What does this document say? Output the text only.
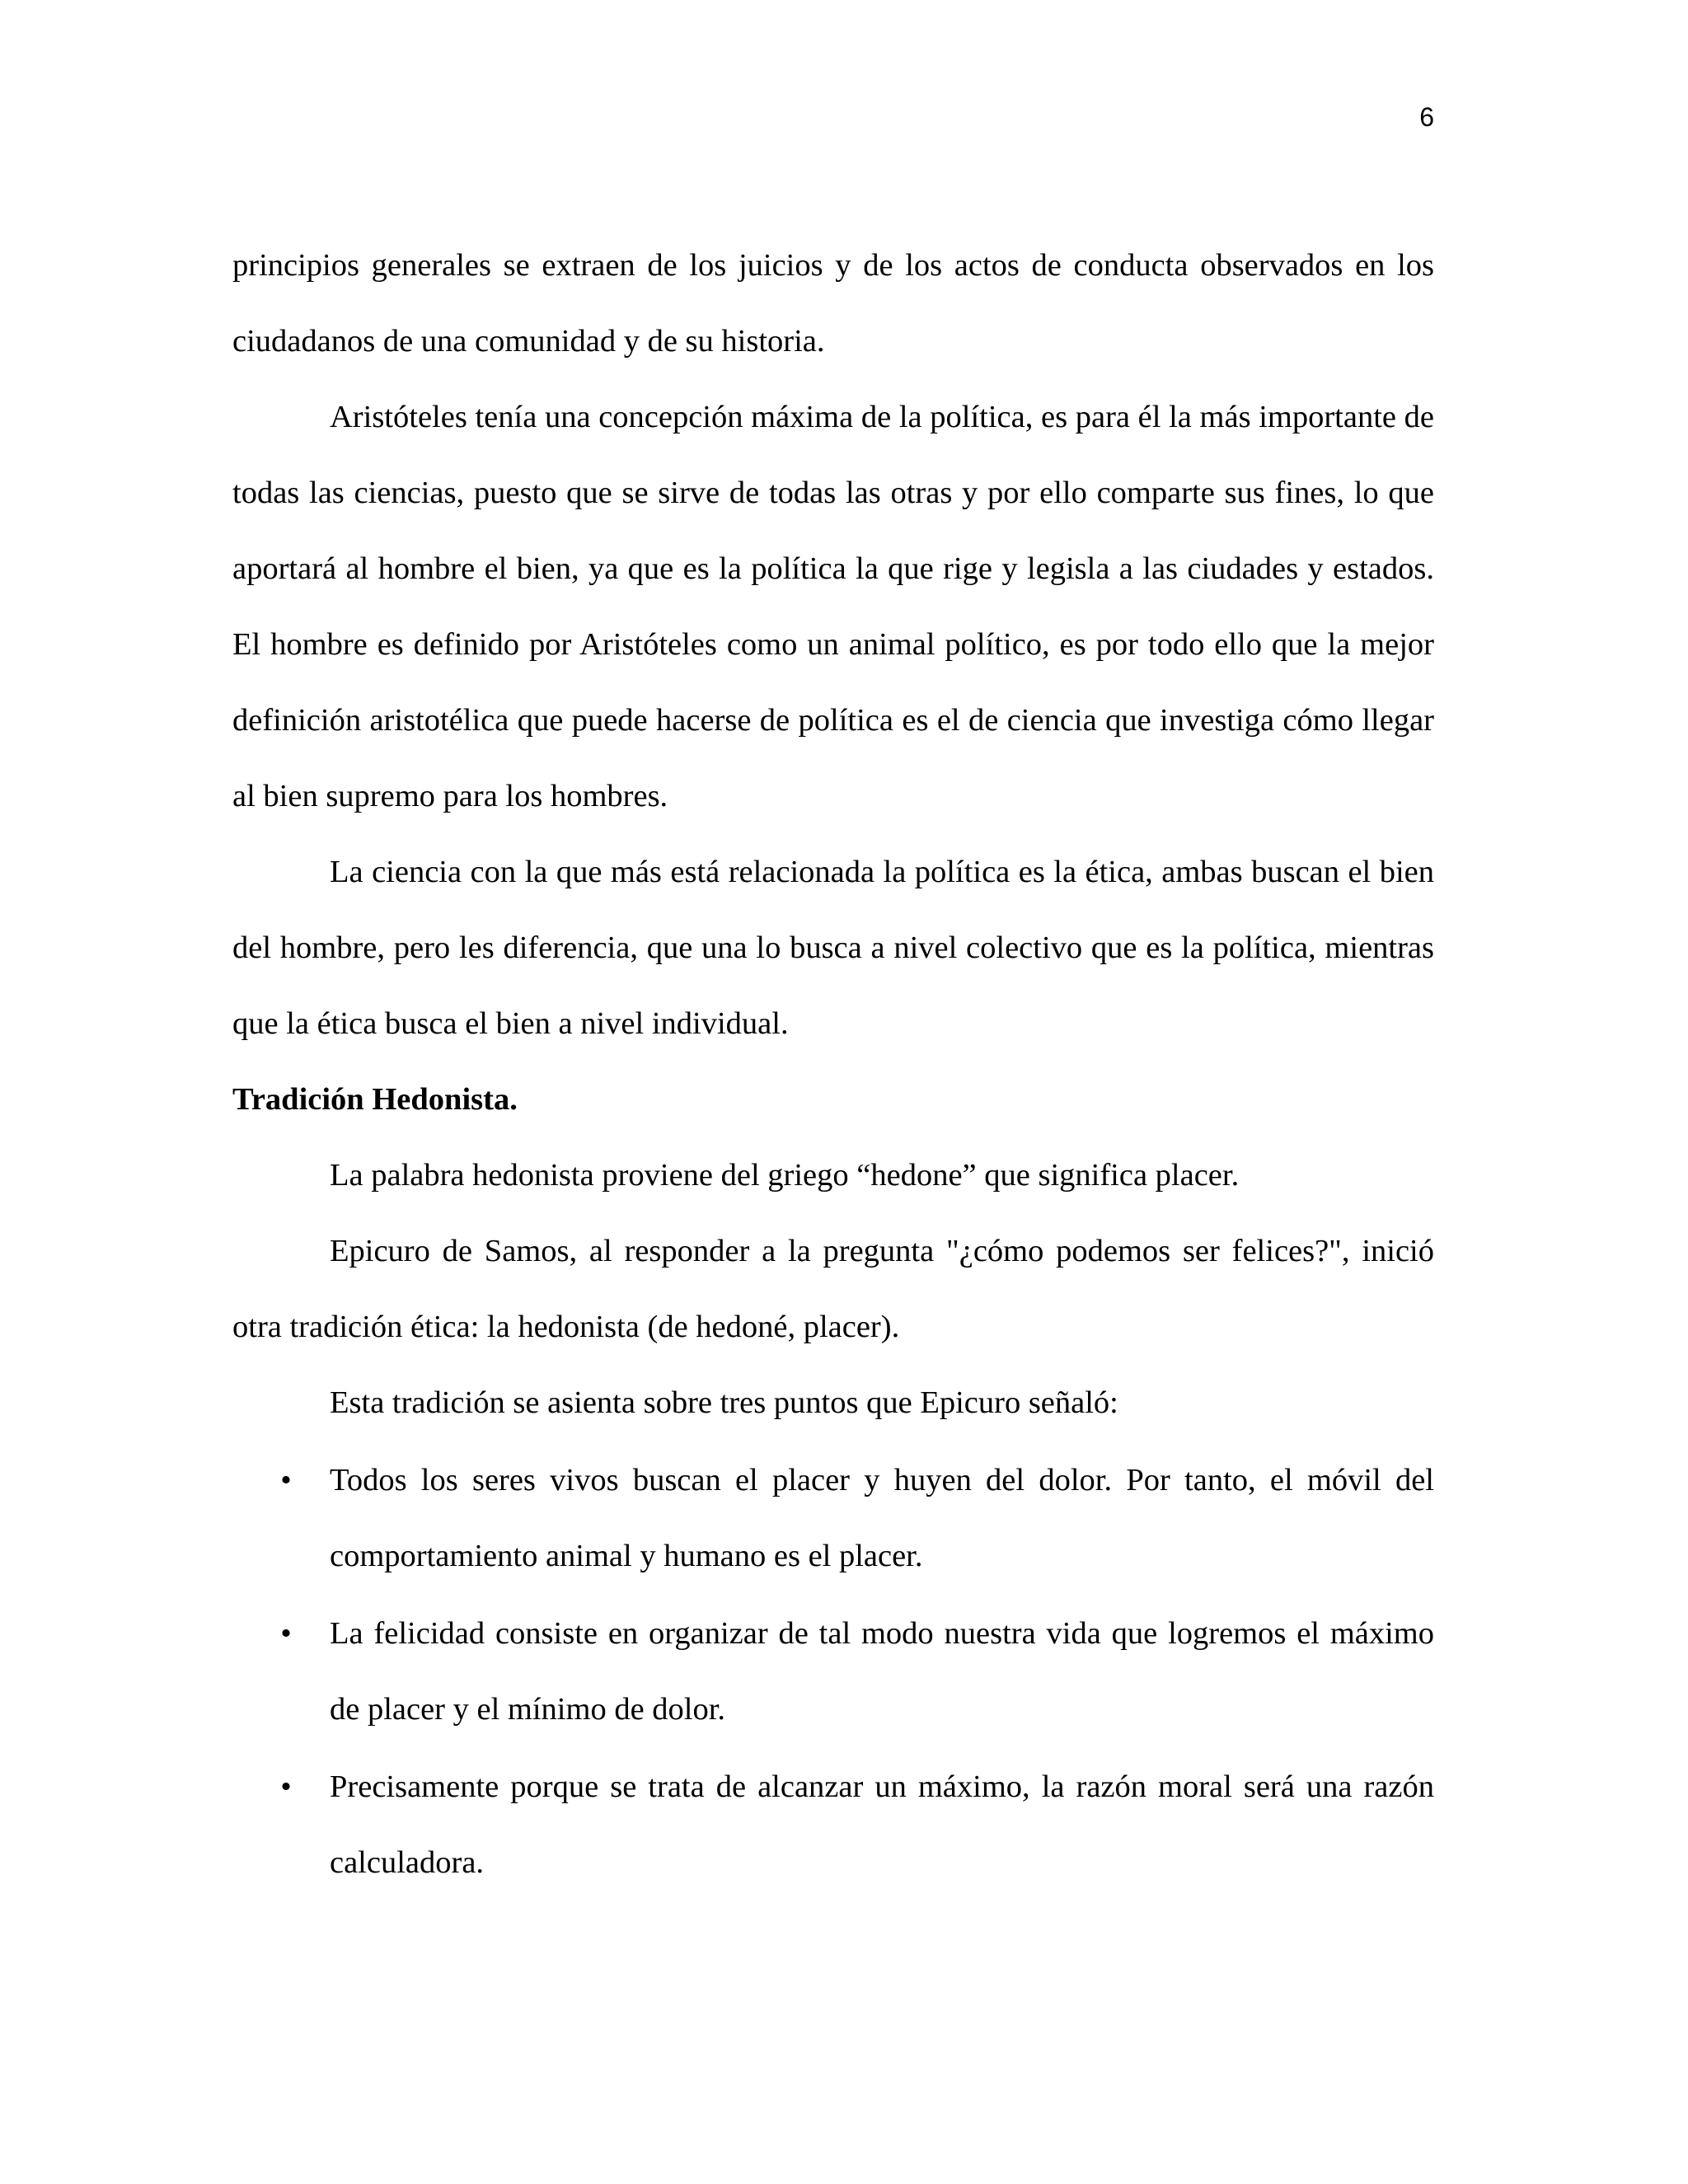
6

principios generales se extraen de los juicios y de los actos de conducta observados en los ciudadanos de una comunidad y de su historia.

Aristóteles tenía una concepción máxima de la política, es para él la más importante de todas las ciencias, puesto que se sirve de todas las otras y por ello comparte sus fines, lo que aportará al hombre el bien, ya que es la política la que rige y legisla a las ciudades y estados. El hombre es definido por Aristóteles como un animal político, es por todo ello que la mejor definición aristotélica que puede hacerse de política es el de ciencia que investiga cómo llegar al bien supremo para los hombres.

La ciencia con la que más está relacionada la política es la ética, ambas buscan el bien del hombre, pero les diferencia, que una lo busca a nivel colectivo que es la política, mientras que la ética busca el bien a nivel individual.

Tradición Hedonista.

La palabra hedonista proviene del griego “hedone” que significa placer.

Epicuro de Samos, al responder a la pregunta "¿cómo podemos ser felices?", inició otra tradición ética: la hedonista (de hedoné, placer).

Esta tradición se asienta sobre tres puntos que Epicuro señaló:

• Todos los seres vivos buscan el placer y huyen del dolor. Por tanto, el móvil del comportamiento animal y humano es el placer.
• La felicidad consiste en organizar de tal modo nuestra vida que logremos el máximo de placer y el mínimo de dolor.
• Precisamente porque se trata de alcanzar un máximo, la razón moral será una razón calculadora.
